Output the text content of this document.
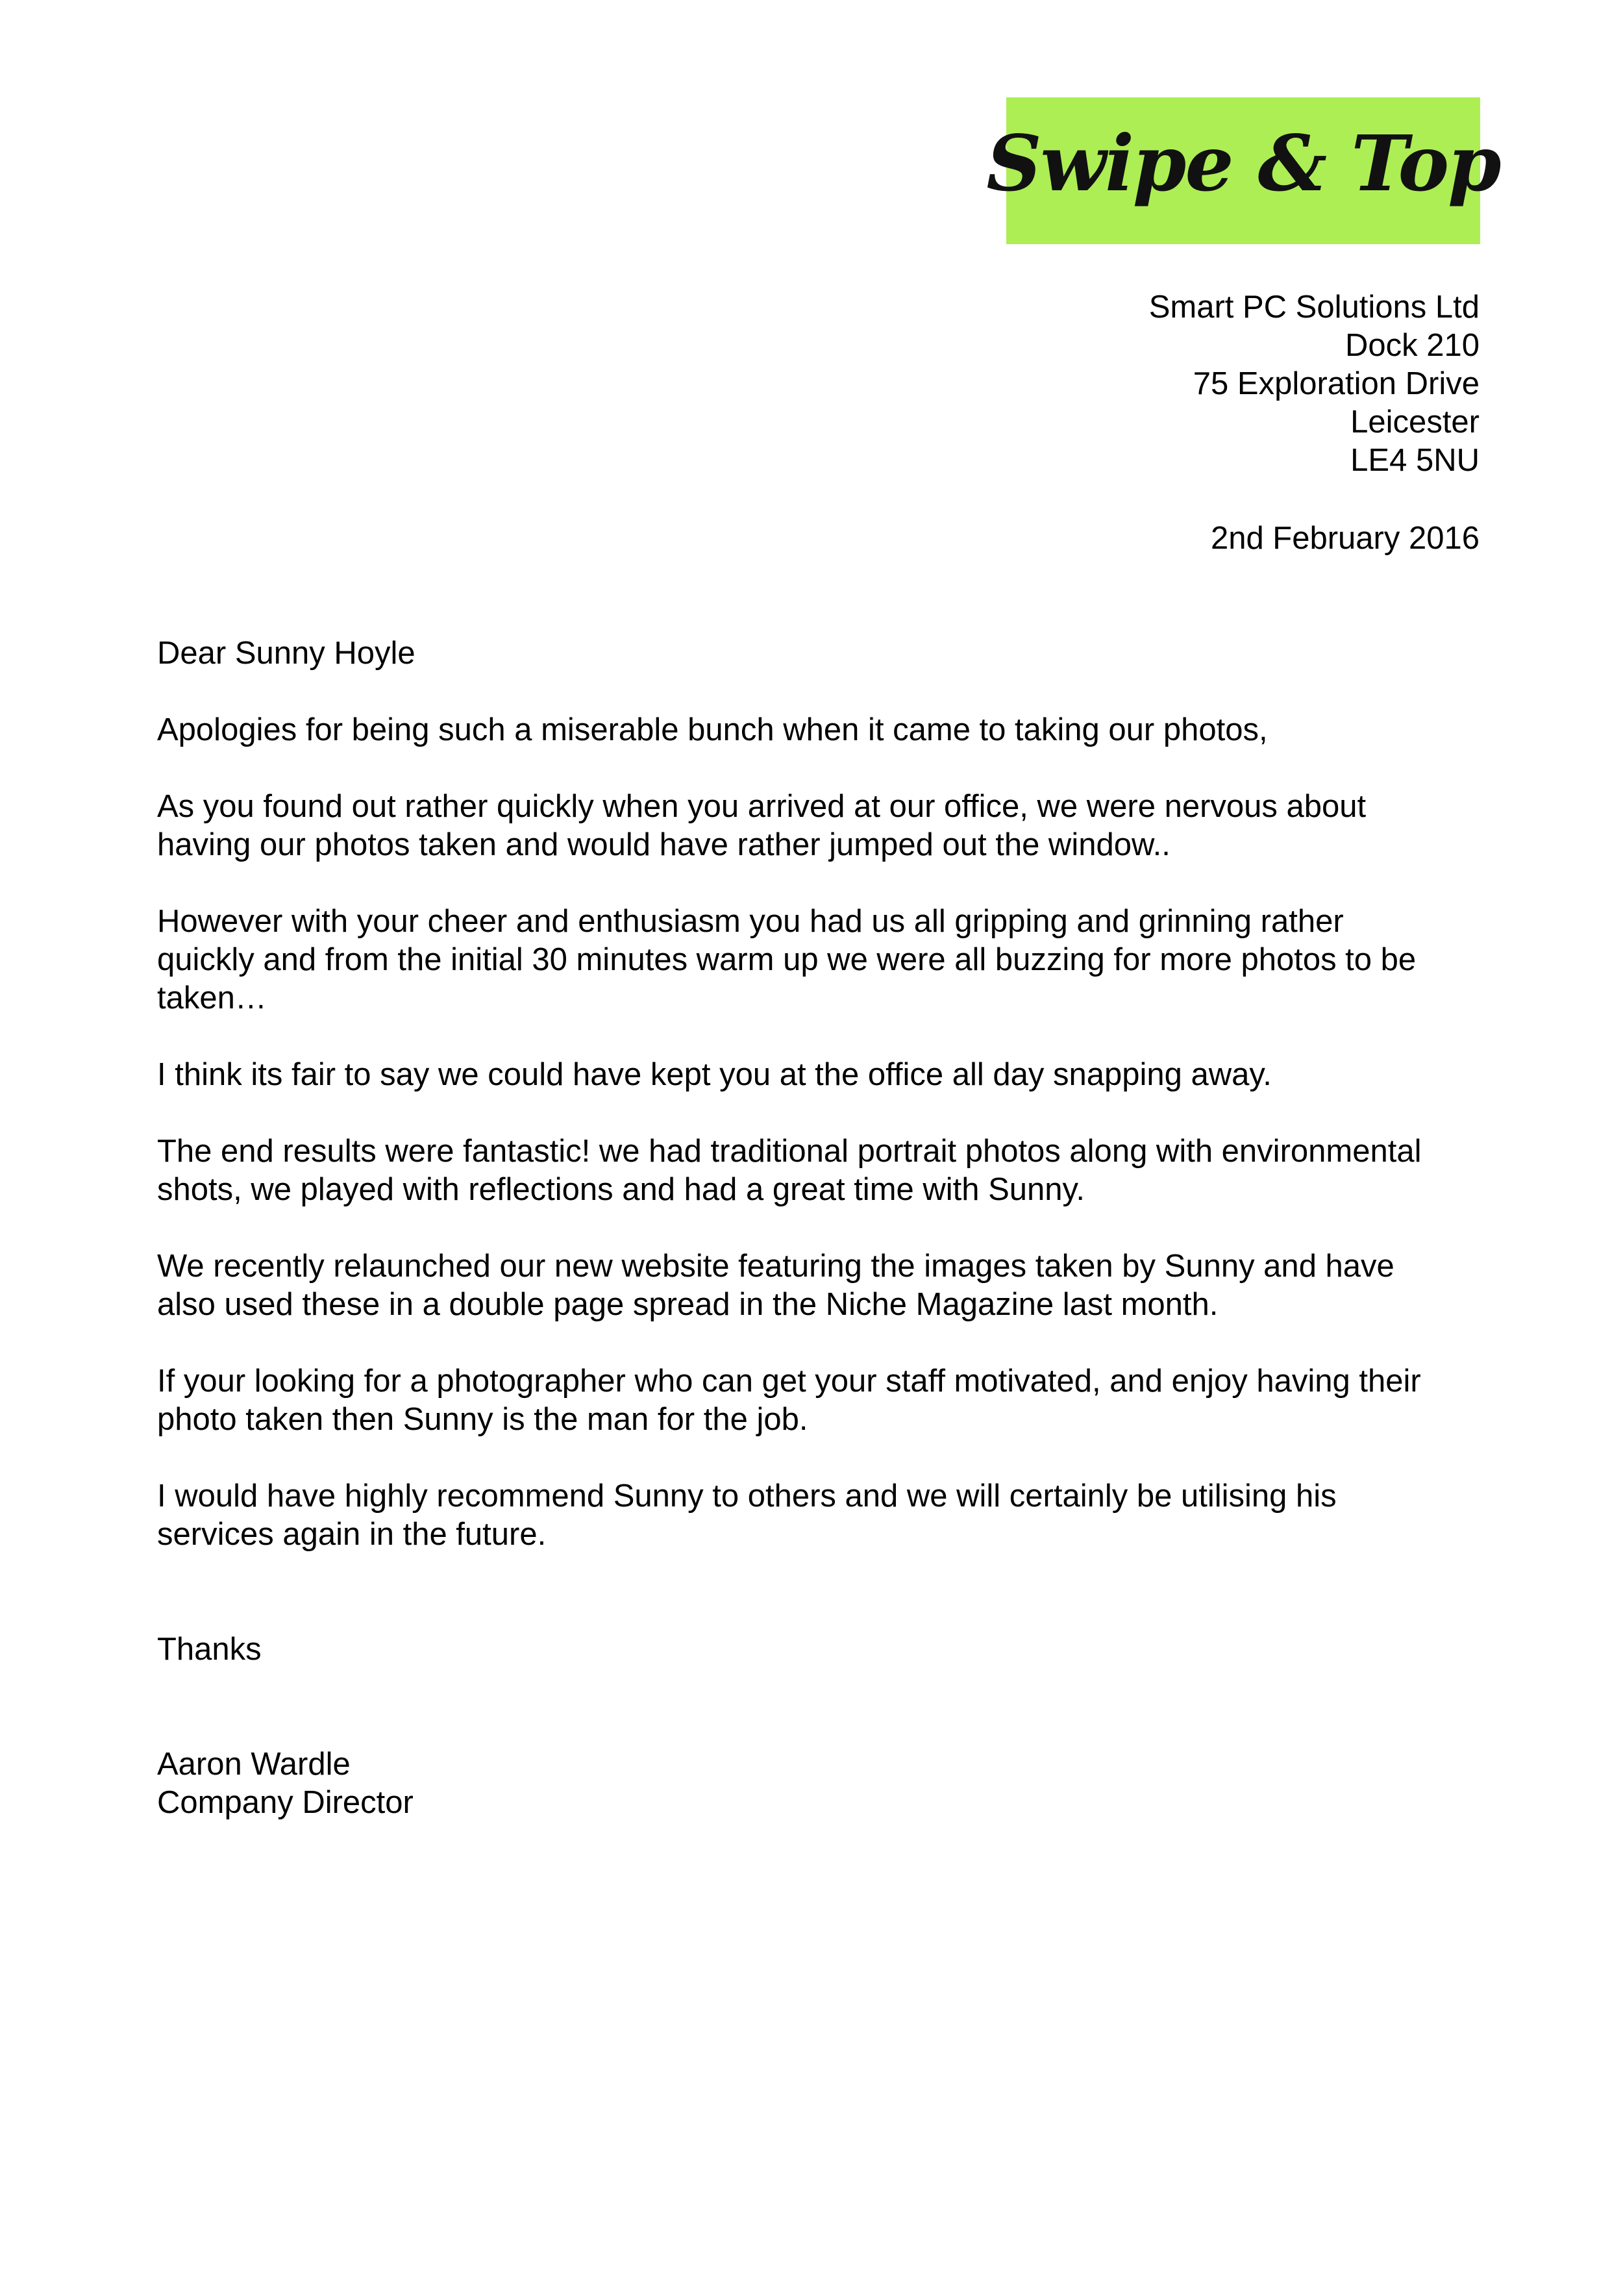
Swipe & Top
Smart PC Solutions Ltd
Dock 210
75 Exploration Drive
Leicester
LE4 5NU
2nd February 2016

Dear Sunny Hoyle

Apologies for being such a miserable bunch when it came to taking our photos,

As you found out rather quickly when you arrived at our office, we were nervous about
having our photos taken and would have rather jumped out the window..

However with your cheer and enthusiasm you had us all gripping and grinning rather
quickly and from the initial 30 minutes warm up we were all buzzing for more photos to be
taken…

I think its fair to say we could have kept you at the office all day snapping away.

The end results were fantastic! we had traditional portrait photos along with environmental
shots, we played with reflections and had a great time with Sunny.

We recently relaunched our new website featuring the images taken by Sunny and have
also used these in a double page spread in the Niche Magazine last month.

If your looking for a photographer who can get your staff motivated, and enjoy having their
photo taken then Sunny is the man for the job.

I would have highly recommend Sunny to others and we will certainly be utilising his
services again in the future.

Thanks

Aaron Wardle
Company Director
